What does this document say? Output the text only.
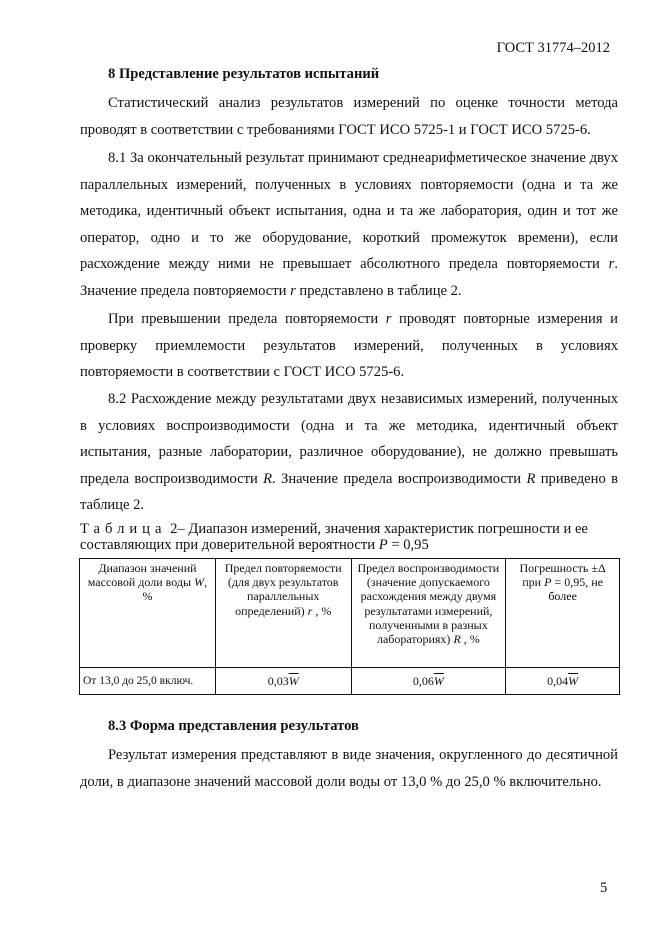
ГОСТ 31774–2012
8 Представление результатов испытаний

Статистический анализ результатов измерений по оценке точности метода проводят в соответствии с требованиями ГОСТ ИСО 5725-1 и ГОСТ ИСО 5725-6.

8.1 За окончательный результат принимают среднеарифметическое значение двух параллельных измерений, полученных в условиях повторяемости (одна и та же методика, идентичный объект испытания, одна и та же лаборатория, один и тот же оператор, одно и то же оборудование, короткий промежуток времени), если расхождение между ними не превышает абсолютного предела повторяемости r. Значение предела повторяемости r представлено в таблице 2.

При превышении предела повторяемости r проводят повторные измерения и проверку приемлемости результатов измерений, полученных в условиях повторяемости в соответствии с ГОСТ ИСО 5725-6.

8.2 Расхождение между результатами двух независимых измерений, полученных в условиях воспроизводимости (одна и та же методика, идентичный объект испытания, разные лаборатории, различное оборудование), не должно превышать предела воспроизводимости R. Значение предела воспроизводимости R приведено в таблице 2.

Таблица 2– Диапазон измерений, значения характеристик погрешности и ее составляющих при доверительной вероятности P = 0,95

Диапазон значений массовой доли воды W, %	Предел повторяемости (для двух результатов параллельных определений) r , %	Предел воспроизводимости (значение допускаемого расхождения между двумя результатами измерений, полученными в разных лабораториях) R , %	Погрешность ±Δ при P = 0,95, не более
От 13,0 до 25,0 включ.	$0,03\overline{W}$	$0,06\overline{W}$	$0,04\overline{W}$
8.3 Форма представления результатов

Результат измерения представляют в виде значения, округленного до десятичной доли, в диапазоне значений массовой доли воды от 13,0 % до 25,0 % включительно.

5
